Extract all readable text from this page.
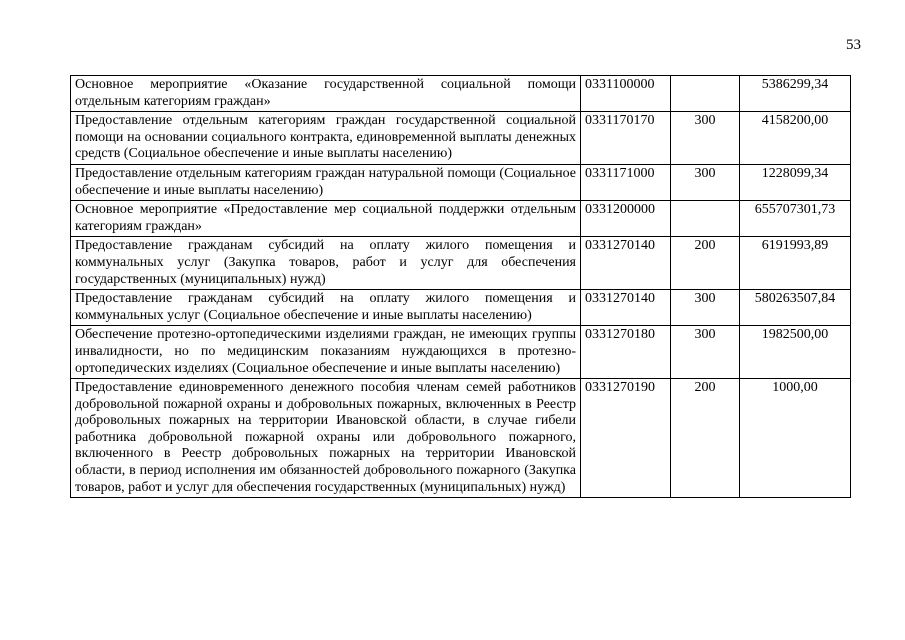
53
Основное мероприятие «Оказание государственной социальной помощи отдельным категориям граждан»	0331100000		5386299,34
Предоставление отдельным категориям граждан государственной социальной помощи на основании социального контракта, единовременной выплаты денежных средств (Социальное обеспечение и иные выплаты населению)	0331170170	300	4158200,00
Предоставление отдельным категориям граждан натуральной помощи (Социальное обеспечение и иные выплаты населению)	0331171000	300	1228099,34
Основное мероприятие «Предоставление мер социальной поддержки отдельным категориям граждан»	0331200000		655707301,73
Предоставление гражданам субсидий на оплату жилого помещения и коммунальных услуг (Закупка товаров, работ и услуг для обеспечения государственных (муниципальных) нужд)	0331270140	200	6191993,89
Предоставление гражданам субсидий на оплату жилого помещения и коммунальных услуг (Социальное обеспечение и иные выплаты населению)	0331270140	300	580263507,84
Обеспечение протезно-ортопедическими изделиями граждан, не имеющих группы инвалидности, но по медицинским показаниям нуждающихся в протезно-ортопедических изделиях (Социальное обеспечение и иные выплаты населению)	0331270180	300	1982500,00
Предоставление единовременного денежного пособия членам семей работников добровольной пожарной охраны и добровольных пожарных, включенных в Реестр добровольных пожарных на территории Ивановской области, в случае гибели работника добровольной пожарной охраны или добровольного пожарного, включенного в Реестр добровольных пожарных на территории Ивановской области, в период исполнения им обязанностей добровольного пожарного (Закупка товаров, работ и услуг для обеспечения государственных (муниципальных) нужд)	0331270190	200	1000,00
